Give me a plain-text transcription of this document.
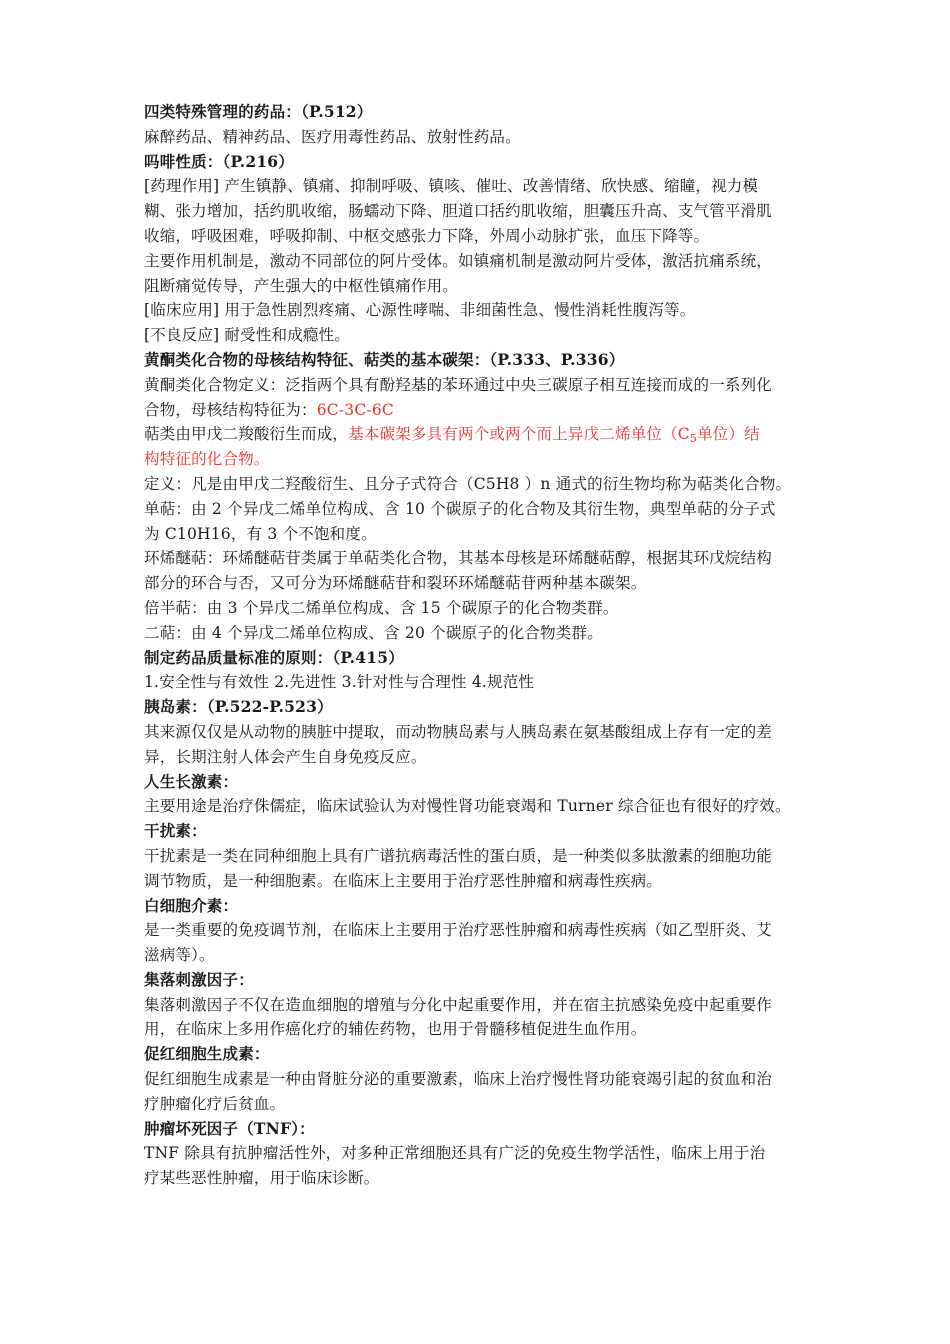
四类特殊管理的药品：（P.512）
麻醉药品、精神药品、医疗用毒性药品、放射性药品。
吗啡性质：（P.216）
[药理作用] 产生镇静、镇痛、抑制呼吸、镇咳、催吐、改善情绪、欣快感、缩瞳，视力模
糊、张力增加，括约肌收缩，肠蠕动下降、胆道口括约肌收缩，胆囊压升高、支气管平滑肌
收缩，呼吸困难，呼吸抑制、中枢交感张力下降，外周小动脉扩张，血压下降等。
主要作用机制是，激动不同部位的阿片受体。如镇痛机制是激动阿片受体，激活抗痛系统，
阻断痛觉传导，产生强大的中枢性镇痛作用。
[临床应用] 用于急性剧烈疼痛、心源性哮喘、非细菌性急、慢性消耗性腹泻等。
[不良反应] 耐受性和成瘾性。
黄酮类化合物的母核结构特征、萜类的基本碳架：（P.333、P.336）
黄酮类化合物定义：泛指两个具有酚羟基的苯环通过中央三碳原子相互连接而成的一系列化
合物，母核结构特征为：6C-3C-6C
萜类由甲戊二羧酸衍生而成，基本碳架多具有两个或两个而上异戊二烯单位（$C_5$单位）结
构特征的化合物。
定义：凡是由甲戊二羟酸衍生、且分子式符合（C5H8 ）n 通式的衍生物均称为萜类化合物。
单萜：由 2 个异戊二烯单位构成、含 10 个碳原子的化合物及其衍生物，典型单萜的分子式
为 C10H16，有 3 个不饱和度。
环烯醚萜：环烯醚萜苷类属于单萜类化合物，其基本母核是环烯醚萜醇，根据其环戊烷结构
部分的环合与否，又可分为环烯醚萜苷和裂环环烯醚萜苷两种基本碳架。
倍半萜：由 3 个异戊二烯单位构成、含 15 个碳原子的化合物类群。
二萜：由 4 个异戊二烯单位构成、含 20 个碳原子的化合物类群。
制定药品质量标准的原则：（P.415）
1.安全性与有效性 2.先进性 3.针对性与合理性 4.规范性
胰岛素：（P.522-P.523）
其来源仅仅是从动物的胰脏中提取，而动物胰岛素与人胰岛素在氨基酸组成上存有一定的差
异，长期注射人体会产生自身免疫反应。
人生长激素：
主要用途是治疗侏儒症，临床试验认为对慢性肾功能衰竭和 Turner 综合征也有很好的疗效。
干扰素：
干扰素是一类在同种细胞上具有广谱抗病毒活性的蛋白质，是一种类似多肽激素的细胞功能
调节物质，是一种细胞素。在临床上主要用于治疗恶性肿瘤和病毒性疾病。
白细胞介素：
是一类重要的免疫调节剂，在临床上主要用于治疗恶性肿瘤和病毒性疾病（如乙型肝炎、艾
滋病等）。
集落刺激因子：
集落刺激因子不仅在造血细胞的增殖与分化中起重要作用，并在宿主抗感染免疫中起重要作
用，在临床上多用作癌化疗的辅佐药物，也用于骨髓移植促进生血作用。
促红细胞生成素：
促红细胞生成素是一种由肾脏分泌的重要激素，临床上治疗慢性肾功能衰竭引起的贫血和治
疗肿瘤化疗后贫血。
肿瘤坏死因子（TNF）：
TNF 除具有抗肿瘤活性外，对多种正常细胞还具有广泛的免疫生物学活性，临床上用于治
疗某些恶性肿瘤，用于临床诊断。
